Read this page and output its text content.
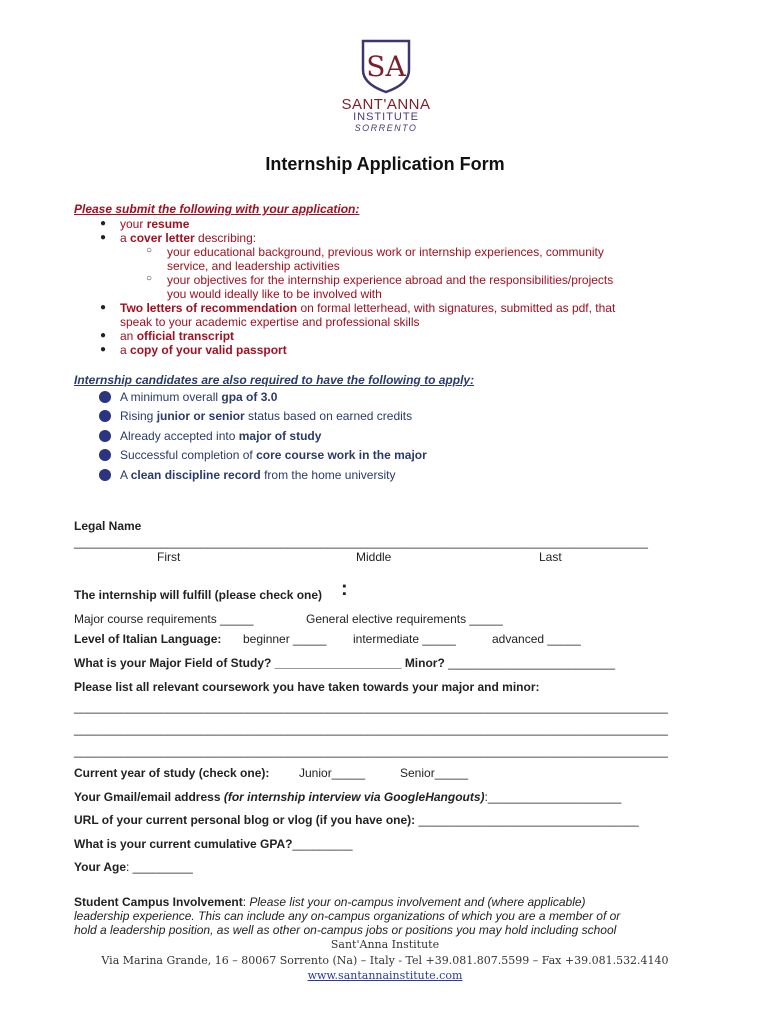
SA
SANT'ANNA
INSTITUTE
SORRENTO
Internship Application Form
Please submit the following with your application:
● your resume
● a cover letter describing:
○ your educational background, previous work or internship experiences, community
service, and leadership activities
○ your objectives for the internship experience abroad and the responsibilities/projects
you would ideally like to be involved with
● Two letters of recommendation on formal letterhead, with signatures, submitted as pdf, that
speak to your academic expertise and professional skills
● an official transcript
● a copy of your valid passport
Internship candidates are also required to have the following to apply:
A minimum overall gpa of 3.0
Rising junior or senior status based on earned credits
Already accepted into major of study
Successful completion of core course work in the major
A clean discipline record from the home university
Legal Name
______________________________________________________________________________________
First	Middle	Last
The internship will fulfill (please check one) :
Major course requirements _____	General elective requirements _____
Level of Italian Language: beginner _____ intermediate _____	advanced _____
What is your Major Field of Study? ___________________ Minor? _________________________
Please list all relevant coursework you have taken towards your major and minor:
_________________________________________________________________________________________
_________________________________________________________________________________________
_________________________________________________________________________________________
Current year of study (check one): Junior_____	Senior_____
Your Gmail/email address (for internship interview via GoogleHangouts):____________________
URL of your current personal blog or vlog (if you have one): _________________________________
What is your current cumulative GPA?_________
Your Age: _________
Student Campus Involvement: Please list your on-campus involvement and (where applicable)
leadership experience. This can include any on-campus organizations of which you are a member of or
hold a leadership position, as well as other on-campus jobs or positions you may hold including school
Sant'Anna Institute
Via Marina Grande, 16 – 80067 Sorrento (Na) – Italy - Tel +39.081.807.5599 – Fax +39.081.532.4140
www.santannainstitute.com
